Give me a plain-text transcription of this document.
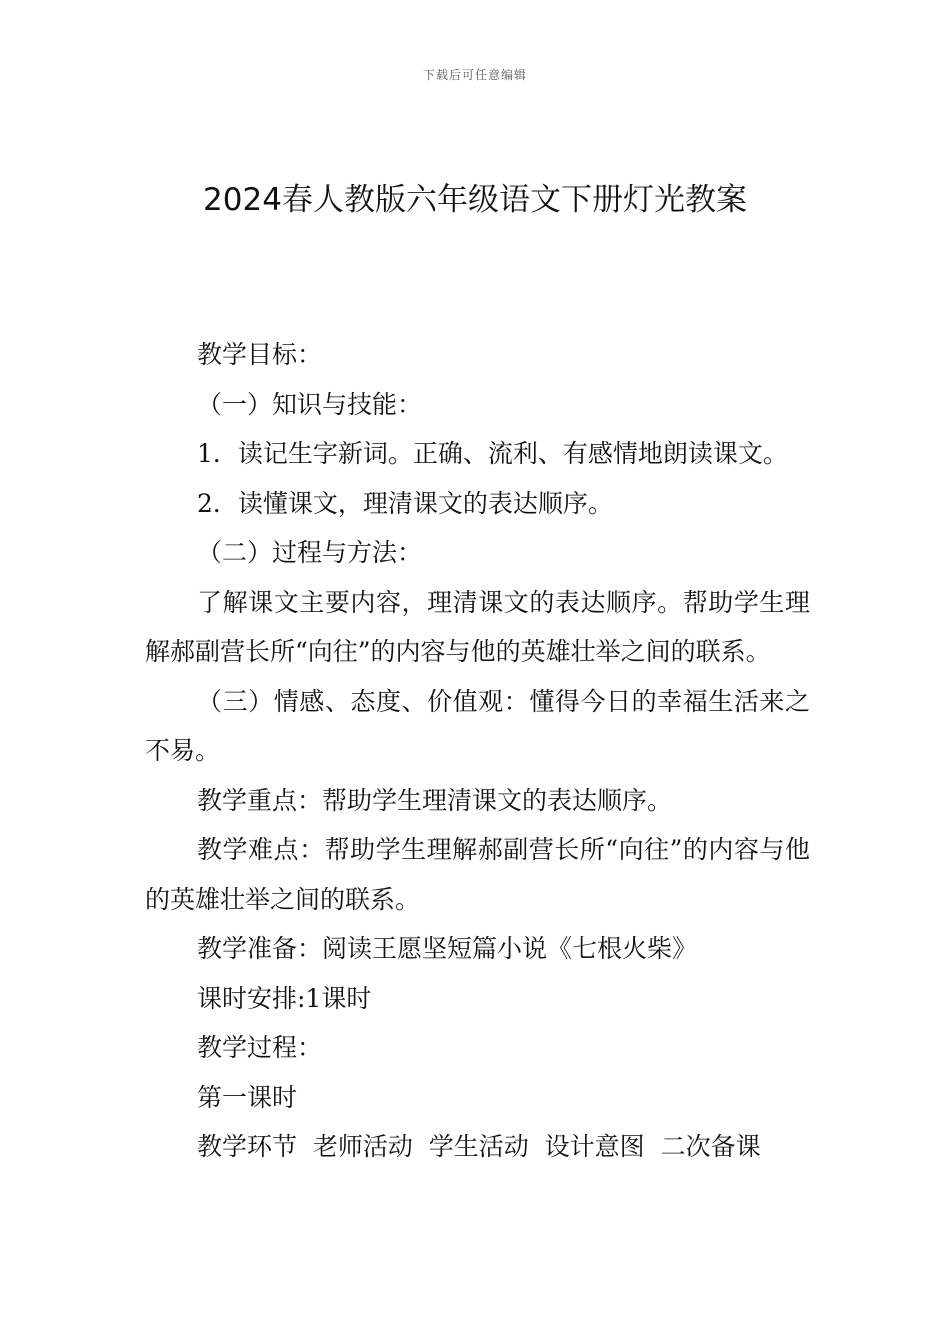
下载后可任意编辑
2024春人教版六年级语文下册灯光教案

教学目标：

（一）知识与技能：

1．读记生字新词。正确、流利、有感情地朗读课文。

2．读懂课文，理清课文的表达顺序。

（二）过程与方法：

了解课文主要内容，理清课文的表达顺序。帮助学生理解郝副营长所“向往”的内容与他的英雄壮举之间的联系。

（三）情感、态度、价值观：懂得今日的幸福生活来之不易。

教学重点：帮助学生理清课文的表达顺序。

教学难点：帮助学生理解郝副营长所“向往”的内容与他的英雄壮举之间的联系。

教学准备：阅读王愿坚短篇小说《七根火柴》

课时安排:1课时

教学过程：

第一课时

教学环节  老师活动  学生活动  设计意图  二次备课
